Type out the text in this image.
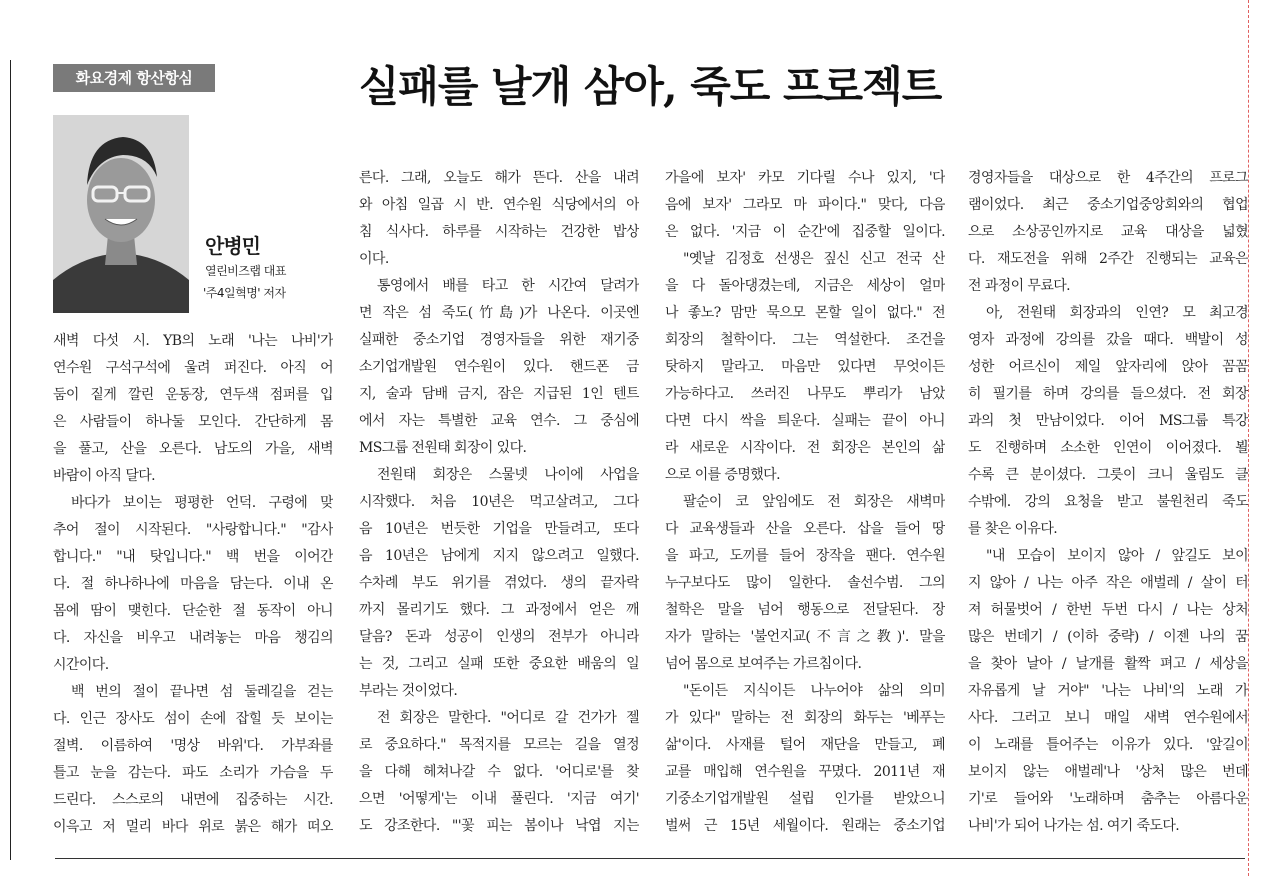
화요경제 항산항심	실패를 날개 삼아, 죽도 프로젝트
안병민
열린비즈랩 대표
'주4일혁명' 저자
새벽 다섯 시. YB의 노래 '나는 나비'가
연수원 구석구석에 울려 퍼진다. 아직 어
둠이 짙게 깔린 운동장, 연두색 점퍼를 입
은 사람들이 하나둘 모인다. 간단하게 몸
을 풀고, 산을 오른다. 남도의 가을, 새벽
바람이 아직 달다.
바다가 보이는 평평한 언덕. 구령에 맞
추어 절이 시작된다. "사랑합니다." "감사
합니다." "내 탓입니다." 백 번을 이어간
다. 절 하나하나에 마음을 담는다. 이내 온
몸에 땀이 맺힌다. 단순한 절 동작이 아니
다. 자신을 비우고 내려놓는 마음 챙김의
시간이다.
백 번의 절이 끝나면 섬 둘레길을 걷는
다. 인근 장사도 섬이 손에 잡힐 듯 보이는
절벽. 이름하여 '명상 바위'다. 가부좌를
틀고 눈을 감는다. 파도 소리가 가슴을 두
드린다. 스스로의 내면에 집중하는 시간.
이윽고 저 멀리 바다 위로 붉은 해가 떠오
른다. 그래, 오늘도 해가 뜬다. 산을 내려
와 아침 일곱 시 반. 연수원 식당에서의 아
침 식사다. 하루를 시작하는 건강한 밥상
이다.
통영에서 배를 타고 한 시간여 달려가
면 작은 섬 죽도(竹島)가 나온다. 이곳엔
실패한 중소기업 경영자들을 위한 재기중
소기업개발원 연수원이 있다. 핸드폰 금
지, 술과 담배 금지, 잠은 지급된 1인 텐트
에서 자는 특별한 교육 연수. 그 중심에
MS그룹 전원태 회장이 있다.
전원태 회장은 스물넷 나이에 사업을
시작했다. 처음 10년은 먹고살려고, 그다
음 10년은 번듯한 기업을 만들려고, 또다
음 10년은 남에게 지지 않으려고 일했다.
수차례 부도 위기를 겪었다. 생의 끝자락
까지 몰리기도 했다. 그 과정에서 얻은 깨
달음? 돈과 성공이 인생의 전부가 아니라
는 것, 그리고 실패 또한 중요한 배움의 일
부라는 것이었다.
전 회장은 말한다. "어디로 갈 건가가 젤
로 중요하다." 목적지를 모르는 길을 열정
을 다해 헤쳐나갈 수 없다. '어디로'를 찾
으면 '어떻게'는 이내 풀린다. '지금 여기'
도 강조한다. "'꽃 피는 봄이나 낙엽 지는
가을에 보자' 카모 기다릴 수나 있지, '다
음에 보자' 그라모 마 파이다." 맞다, 다음
은 없다. '지금 이 순간'에 집중할 일이다.
"옛날 김정호 선생은 짚신 신고 전국 산
을 다 돌아댕겼는데, 지금은 세상이 얼마
나 좋노? 맘만 묵으모 몬할 일이 없다." 전
회장의 철학이다. 그는 역설한다. 조건을
탓하지 말라고. 마음만 있다면 무엇이든
가능하다고. 쓰러진 나무도 뿌리가 남았
다면 다시 싹을 틔운다. 실패는 끝이 아니
라 새로운 시작이다. 전 회장은 본인의 삶
으로 이를 증명했다.
팔순이 코 앞임에도 전 회장은 새벽마
다 교육생들과 산을 오른다. 삽을 들어 땅
을 파고, 도끼를 들어 장작을 팬다. 연수원
누구보다도 많이 일한다. 솔선수범. 그의
철학은 말을 넘어 행동으로 전달된다. 장
자가 말하는 '불언지교(不言之教)'. 말을
넘어 몸으로 보여주는 가르침이다.
"돈이든 지식이든 나누어야 삶의 의미
가 있다" 말하는 전 회장의 화두는 '베푸는
삶'이다. 사재를 털어 재단을 만들고, 폐
교를 매입해 연수원을 꾸몄다. 2011년 재
기중소기업개발원 설립 인가를 받았으니
벌써 근 15년 세월이다. 원래는 중소기업
경영자들을 대상으로 한 4주간의 프로그
램이었다. 최근 중소기업중앙회와의 협업
으로 소상공인까지로 교육 대상을 넓혔
다. 재도전을 위해 2주간 진행되는 교육은
전 과정이 무료다.
아, 전원태 회장과의 인연? 모 최고경
영자 과정에 강의를 갔을 때다. 백발이 성
성한 어르신이 제일 앞자리에 앉아 꼼꼼
히 필기를 하며 강의를 들으셨다. 전 회장
과의 첫 만남이었다. 이어 MS그룹 특강
도 진행하며 소소한 인연이 이어졌다. 뵐
수록 큰 분이셨다. 그릇이 크니 울림도 클
수밖에. 강의 요청을 받고 불원천리 죽도
를 찾은 이유다.
"내 모습이 보이지 않아 / 앞길도 보이
지 않아 / 나는 아주 작은 애벌레 / 살이 터
져 허물벗어 / 한번 두번 다시 / 나는 상처
많은 번데기 / (이하 중략) / 이젠 나의 꿈
을 찾아 날아 / 날개를 활짝 펴고 / 세상을
자유롭게 날 거야" '나는 나비'의 노래 가
사다. 그러고 보니 매일 새벽 연수원에서
이 노래를 틀어주는 이유가 있다. '앞길이
보이지 않는 애벌레'나 '상처 많은 번데
기'로 들어와 '노래하며 춤추는 아름다운
나비'가 되어 나가는 섬. 여기 죽도다.
